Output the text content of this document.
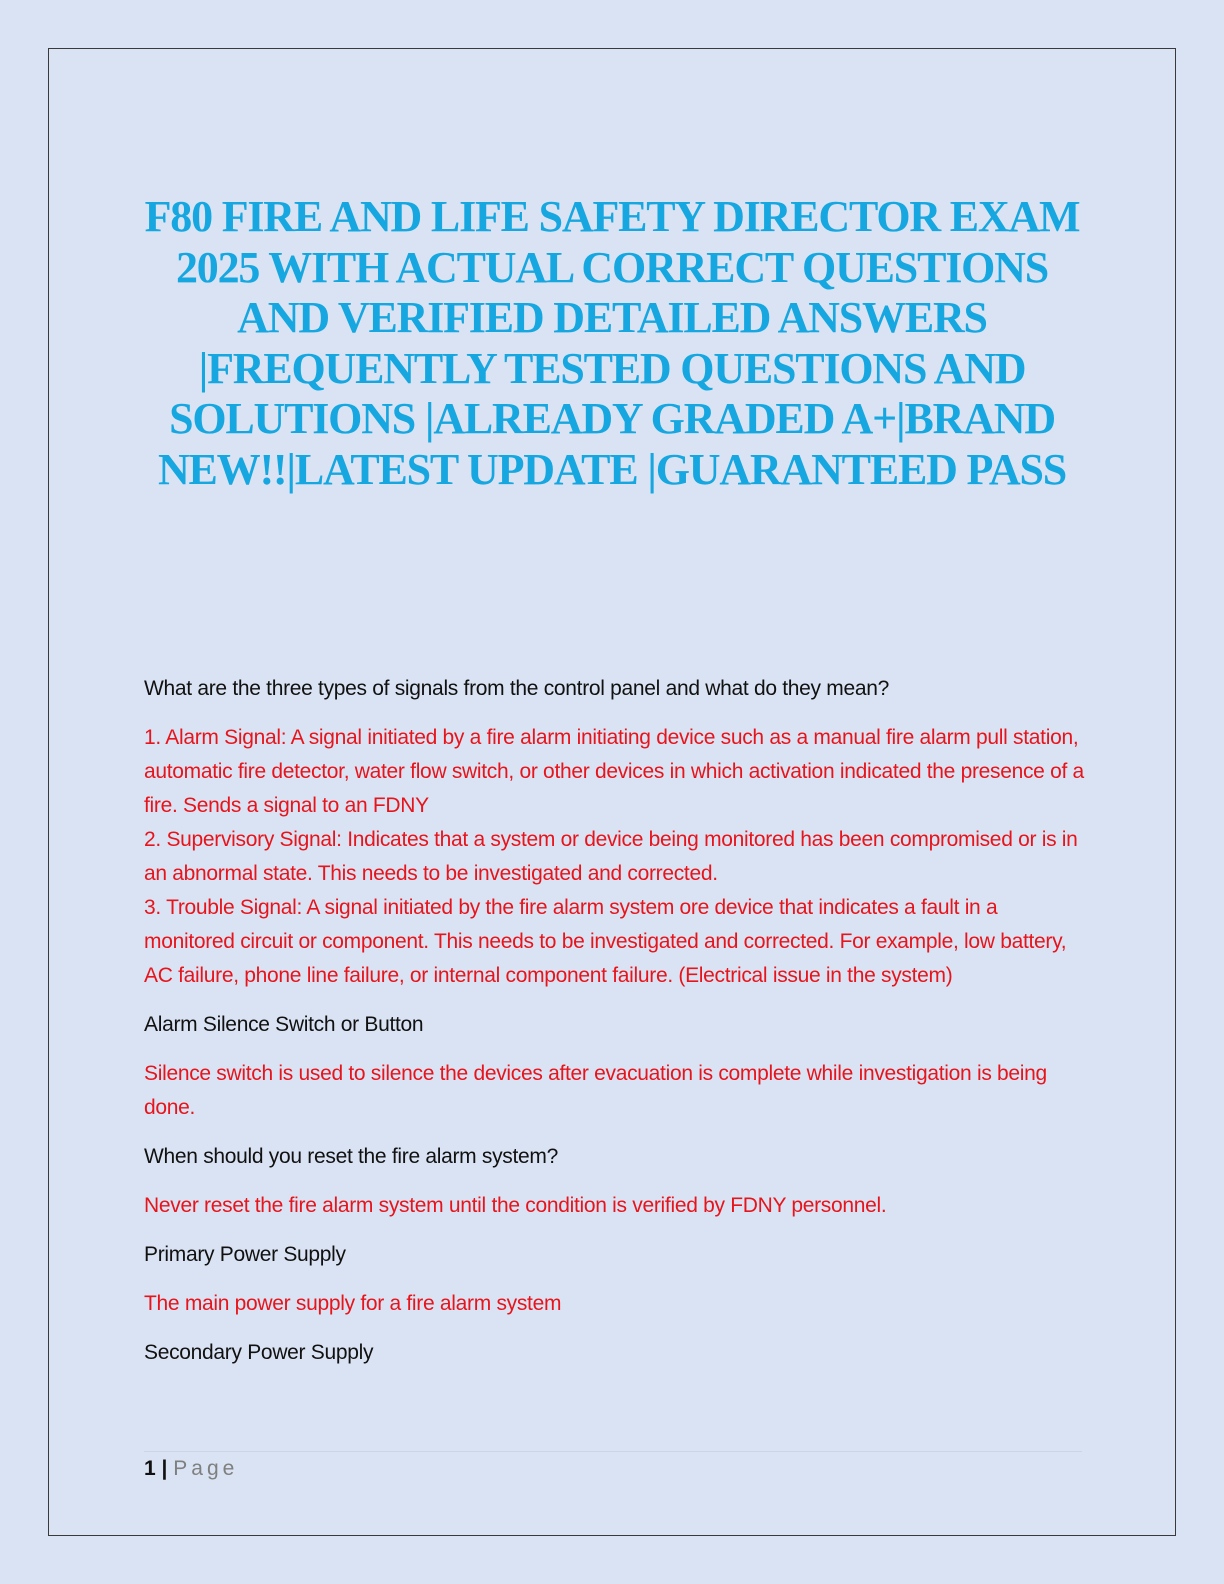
F80 FIRE AND LIFE SAFETY DIRECTOR EXAM 2025 WITH ACTUAL CORRECT QUESTIONS AND VERIFIED DETAILED ANSWERS |FREQUENTLY TESTED QUESTIONS AND SOLUTIONS |ALREADY GRADED A+|BRAND NEW!!|LATEST UPDATE |GUARANTEED PASS
What are the three types of signals from the control panel and what do they mean?

1. Alarm Signal: A signal initiated by a fire alarm initiating device such as a manual fire alarm pull station, automatic fire detector, water flow switch, or other devices in which activation indicated the presence of a fire. Sends a signal to an FDNY

2. Supervisory Signal: Indicates that a system or device being monitored has been compromised or is in an abnormal state. This needs to be investigated and corrected.

3. Trouble Signal: A signal initiated by the fire alarm system ore device that indicates a fault in a monitored circuit or component. This needs to be investigated and corrected. For example, low battery, AC failure, phone line failure, or internal component failure. (Electrical issue in the system)

Alarm Silence Switch or Button

Silence switch is used to silence the devices after evacuation is complete while investigation is being done.

When should you reset the fire alarm system?

Never reset the fire alarm system until the condition is verified by FDNY personnel.

Primary Power Supply

The main power supply for a fire alarm system

Secondary Power Supply
1 | Page
